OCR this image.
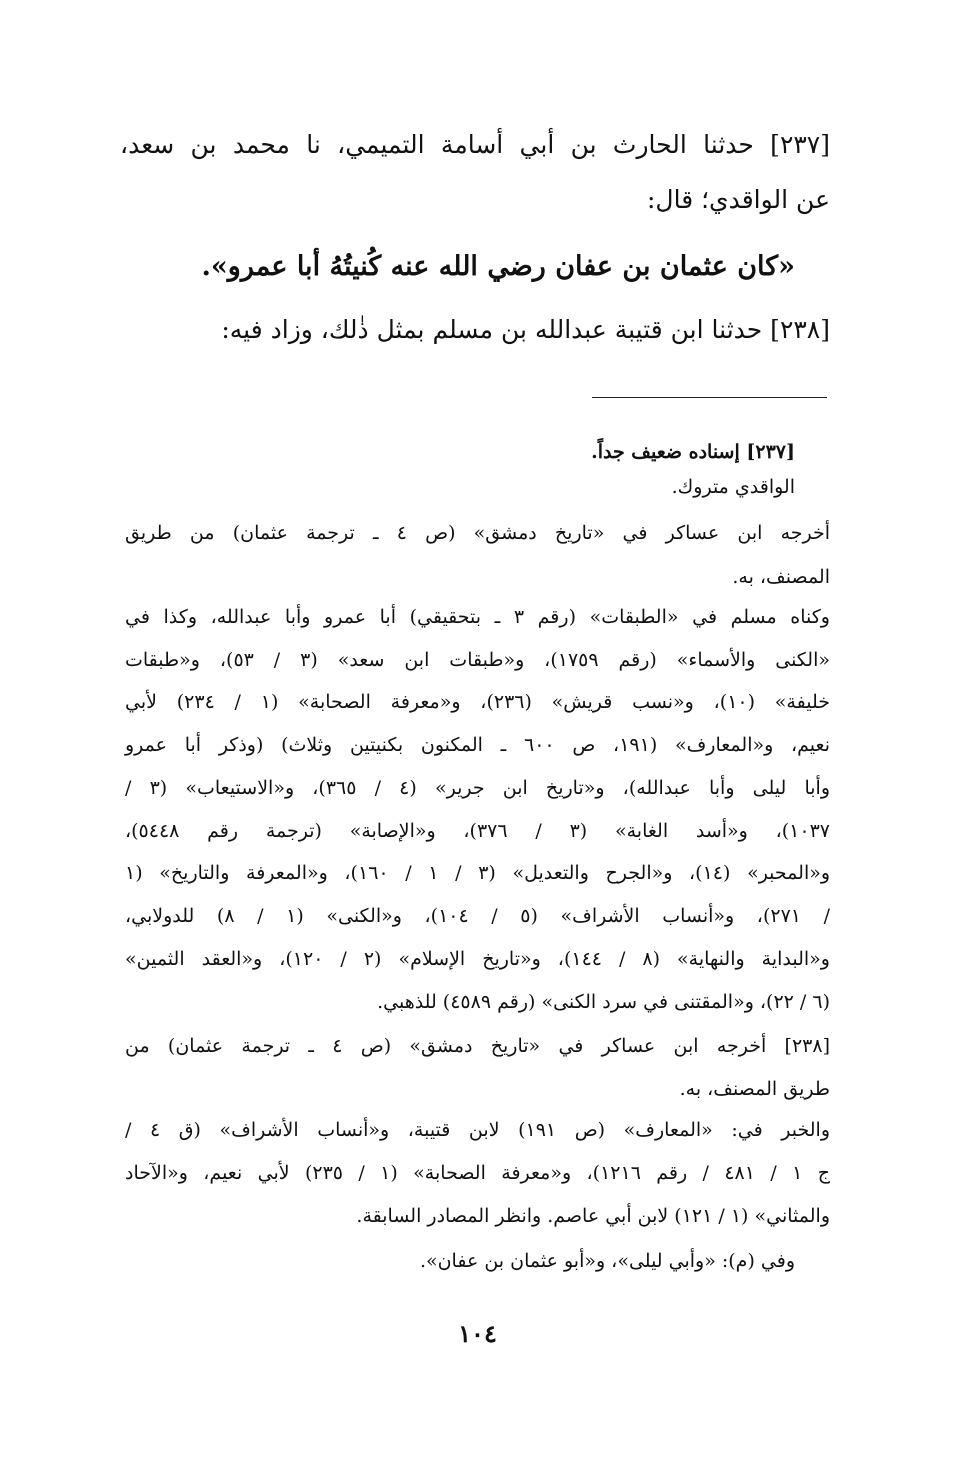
[٢٣٧] حدثنا الحارث بن أبي أسامة التميمي، نا محمد بن سعد،
عن الواقدي؛ قال:
«كان عثمان بن عفان رضي الله عنه كُنيتُهُ أبا عمرو».
[٢٣٨] حدثنا ابن قتيبة عبدالله بن مسلم بمثل ذٰلك، وزاد فيه:
[٢٣٧] إسناده ضعيف جداً.
الواقدي متروك.
أخرجه ابن عساكر في «تاريخ دمشق» (ص ٤ ـ ترجمة عثمان) من طريق
المصنف، به.
وكناه مسلم في «الطبقات» (رقم ٣ ـ بتحقيقي) أبا عمرو وأبا عبدالله، وكذا في
«الكنى والأسماء» (رقم ١٧٥٩)، و«طبقات ابن سعد» (٣ / ٥٣)، و«طبقات
خليفة» (١٠)، و«نسب قريش» (٢٣٦)، و«معرفة الصحابة» (١ / ٢٣٤) لأبي
نعيم، و«المعارف» (١٩١، ص ٦٠٠ ـ المكنون بكنيتين وثلاث) (وذكر أبا عمرو
وأبا ليلى وأبا عبدالله)، و«تاريخ ابن جرير» (٤ / ٣٦٥)، و«الاستيعاب» (٣ /
١٠٣٧)، و«أسد الغابة» (٣ / ٣٧٦)، و«الإصابة» (ترجمة رقم ٥٤٤٨)،
و«المحبر» (١٤)، و«الجرح والتعديل» (٣ / ١ / ١٦٠)، و«المعرفة والتاريخ» (١
/ ٢٧١)، و«أنساب الأشراف» (٥ / ١٠٤)، و«الكنى» (١ / ٨) للدولابي،
و«البداية والنهاية» (٨ / ١٤٤)، و«تاريخ الإسلام» (٢ / ١٢٠)، و«العقد الثمين»
(٦ / ٢٢)، و«المقتنى في سرد الكنى» (رقم ٤٥٨٩) للذهبي.
[٢٣٨] أخرجه ابن عساكر في «تاريخ دمشق» (ص ٤ ـ ترجمة عثمان) من
طريق المصنف، به.
والخبر في: «المعارف» (ص ١٩١) لابن قتيبة، و«أنساب الأشراف» (ق ٤ /
ج ١ / ٤٨١ / رقم ١٢١٦)، و«معرفة الصحابة» (١ / ٢٣٥) لأبي نعيم، و«الآحاد
والمثاني» (١ / ١٢١) لابن أبي عاصم. وانظر المصادر السابقة.
وفي (م): «وأبي ليلى»، و«أبو عثمان بن عفان».
١٠٤
